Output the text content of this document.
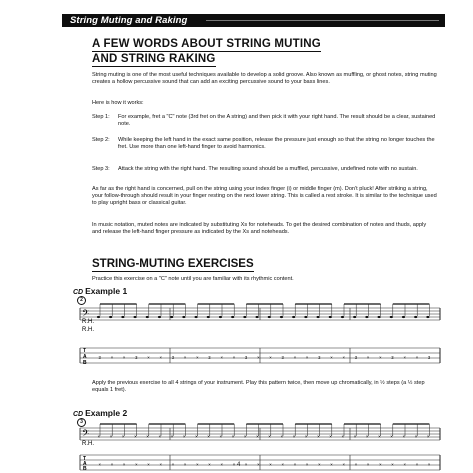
String Muting and Raking
A FEW WORDS ABOUT STRING MUTING
AND STRING RAKING
String muting is one of the most useful techniques available to develop a solid groove. Also known as muffling, or ghost notes, string muting creates a hollow percussive sound that can add an exciting percussive sound to your bass lines.
Here is how it works:
Step 1: For example, fret a "C" note (3rd fret on the A string) and then pick it with your right hand. The result should be a clear, sustained note.
Step 2: While keeping the left hand in the exact same position, release the pressure just enough so that the string no longer touches the fret. Use more than one left-hand finger to avoid harmonics.
Step 3: Attack the string with the right hand. The resulting sound should be a muffled, percussive, undefined note with no sustain.
As far as the right hand is concerned, pull on the string using your index finger (i) or middle finger (m). Don't pluck! After striking a string, your follow-through should result in your finger resting on the next lower string. This is called a rest stroke. It is similar to the technique used to play upright bass or classical guitar.
In music notation, muted notes are indicated by substituting Xs for noteheads. To get the desired combination of notes and thuds, apply and release the left-hand finger pressure as indicated by the Xs and noteheads.
STRING-MUTING EXERCISES
Practice this exercise on a "C" note until you are familiar with its rhythmic content.
CD Example 1
2
𝄢
3 × × 3 × × 3 × × 3 × × 3 × × 3 × × 3 × × 3 × × 3 × × 3
R.H.
R.H.
T
A
B
Apply the previous exercise to all 4 strings of your instrument. Play this pattern twice, then move up chromatically, in ½ steps (a ½ step equals 1 fret).
CD Example 2
3
𝄢 ×
×
×
×
×
×
×
×
×
×
×
×
×
×
×
×
×
×
×
×
×
×
×
×
×
×
×
×
×
×
×
×
×
×
×
×
×
×
×
×
×
×
×
×
×
×
×
×
×
×
×
×
×
×
×
×
R.H.
T
A
B
4
